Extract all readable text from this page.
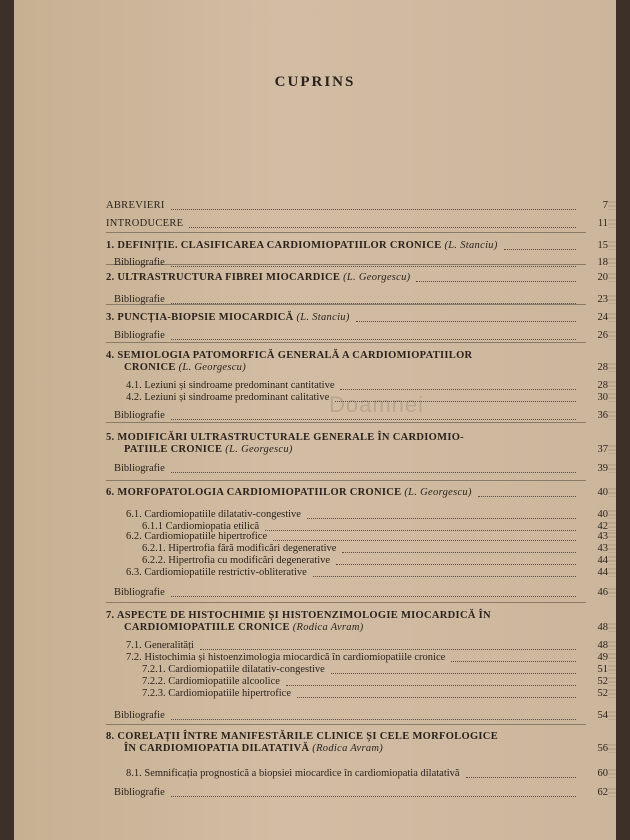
· · · · · · · · · · · · ·
CUPRINS
Doamnei
ABREVIERI	7
INTRODUCERE	11
1. DEFINIȚIE. CLASIFICAREA CARDIOMIOPATIILOR CRONICE (L. Stanciu)	15
Bibliografie	18
2. ULTRASTRUCTURA FIBREI MIOCARDICE (L. Georgescu)	20
Bibliografie	23
3. PUNCȚIA-BIOPSIE MIOCARDICĂ (L. Stanciu)	24
Bibliografie	26
4. SEMIOLOGIA PATOMORFICĂ GENERALĂ A CARDIOMIOPATIILOR
CRONICE (L. Georgescu)	28
4.1. Leziuni și sindroame predominant cantitative	28
4.2. Leziuni și sindroame predominant calitative	30
Bibliografie	36
5. MODIFICĂRI ULTRASTRUCTURALE GENERALE ÎN CARDIOMIO-
PATIILE CRONICE (L. Georgescu)	37
Bibliografie	39
6. MORFOPATOLOGIA CARDIOMIOPATIILOR CRONICE (L. Georgescu)	40
6.1. Cardiomiopatiile dilatativ-congestive	40
6.1.1 Cardiomiopatia etilică	42
6.2. Cardiomiopatiile hipertrofice	43
6.2.1. Hipertrofia fără modificări degenerative	43
6.2.2. Hipertrofia cu modificări degenerative	44
6.3. Cardiomiopatiile restrictiv-obliterative	44
Bibliografie	46
7. ASPECTE DE HISTOCHIMIE ȘI HISTOENZIMOLOGIE MIOCARDICĂ ÎN
CARDIOMIOPATIILE CRONICE (Rodica Avram)	48
7.1. Generalități	48
7.2. Histochimia și histoenzimologia miocardică în cardiomiopatiile cronice	49
7.2.1. Cardiomiopatiile dilatativ-congestive	51
7.2.2. Cardiomiopatiile alcoolice	52
7.2.3. Cardiomiopatiile hipertrofice	52
Bibliografie	54
8. CORELAȚII ÎNTRE MANIFESTĂRILE CLINICE ȘI CELE MORFOLOGICE
ÎN CARDIOMIOPATIA DILATATIVĂ (Rodica Avram)	56
8.1. Semnificația prognostică a biopsiei miocardice în cardiomiopatia dilatativă	60
Bibliografie	62
